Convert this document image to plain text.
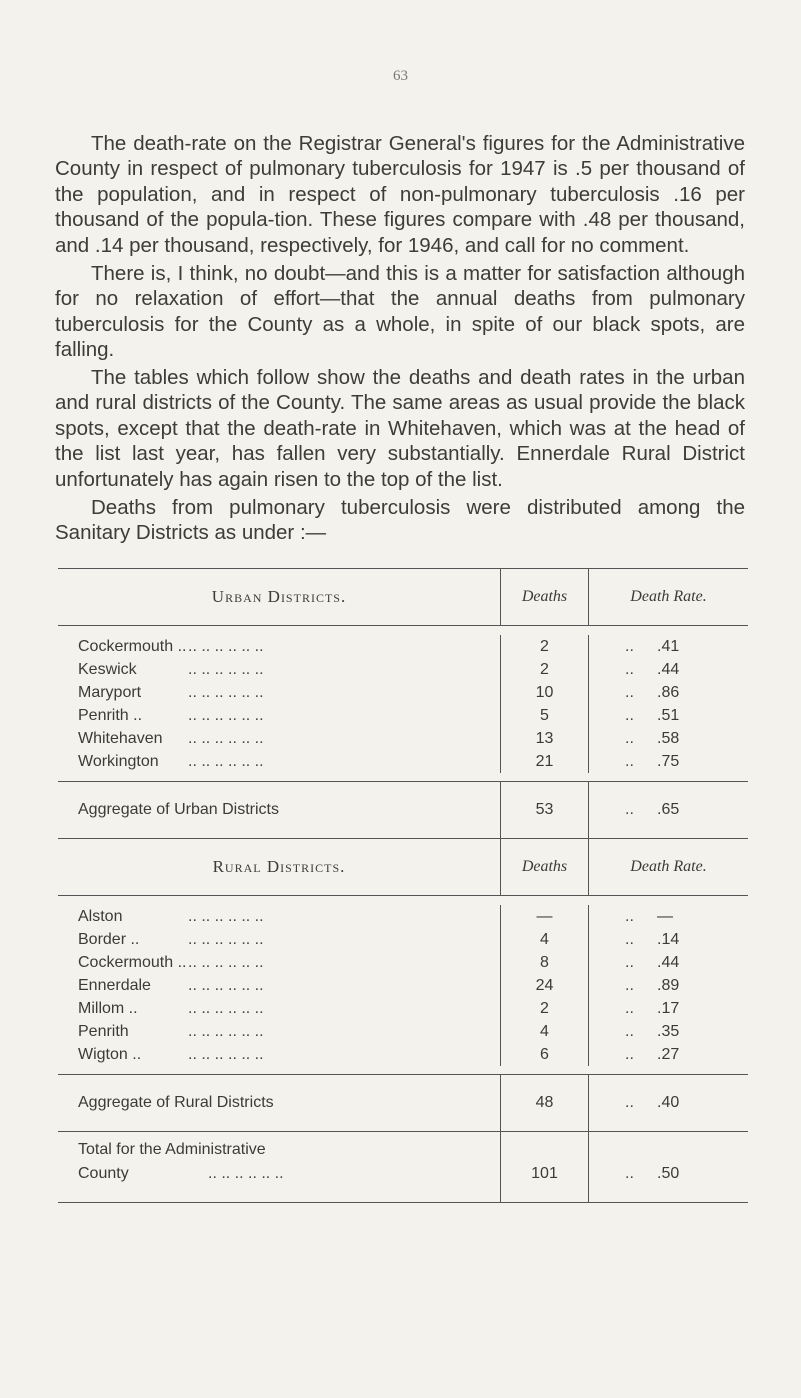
63

The death-rate on the Registrar General's figures for the Administrative County in respect of pulmonary tuberculosis for 1947 is .5 per thousand of the population, and in respect of non-pulmonary tuberculosis .16 per thousand of the popula-tion. These figures compare with .48 per thousand, and .14 per thousand, respectively, for 1946, and call for no comment.

There is, I think, no doubt—and this is a matter for satisfaction although for no relaxation of effort—that the annual deaths from pulmonary tuberculosis for the County as a whole, in spite of our black spots, are falling.

The tables which follow show the deaths and death rates in the urban and rural districts of the County. The same areas as usual provide the black spots, except that the death-rate in Whitehaven, which was at the head of the list last year, has fallen very substantially. Ennerdale Rural District unfortunately has again risen to the top of the list.

Deaths from pulmonary tuberculosis were distributed among the Sanitary Districts as under :—

Urban Districts.	Deaths	Death Rate.
Cockermouth .. .. .. .. .. .. ..	2	.. .41
Keswick	.. .. .. .. .. ..	2	.. .44
Maryport	.. .. .. .. .. ..	10	.. .86
Penrith ..	.. .. .. .. .. ..	5	.. .51
Whitehaven .. .. .. .. .. ..	13	.. .58
Workington .. .. .. .. .. ..	21	.. .75
Aggregate of Urban Districts	53	.. .65
Rural Districts.	Deaths	Death Rate.
Alston	.. .. .. .. .. ..	—	.. —
Border ..	.. .. .. .. .. ..	4	.. .14
Cockermouth .. .. .. .. .. .. ..	8	.. .44
Ennerdale .. .. .. .. .. ..	24	.. .89
Millom ..	.. .. .. .. .. ..	2	.. .17
Penrith	.. .. .. .. .. ..	4	.. .35
Wigton ..	.. .. .. .. .. ..	6	.. .27
Aggregate of Rural Districts	48	.. .40
Total for the Administrative
County	.. .. .. .. .. ..	101	.. .50
